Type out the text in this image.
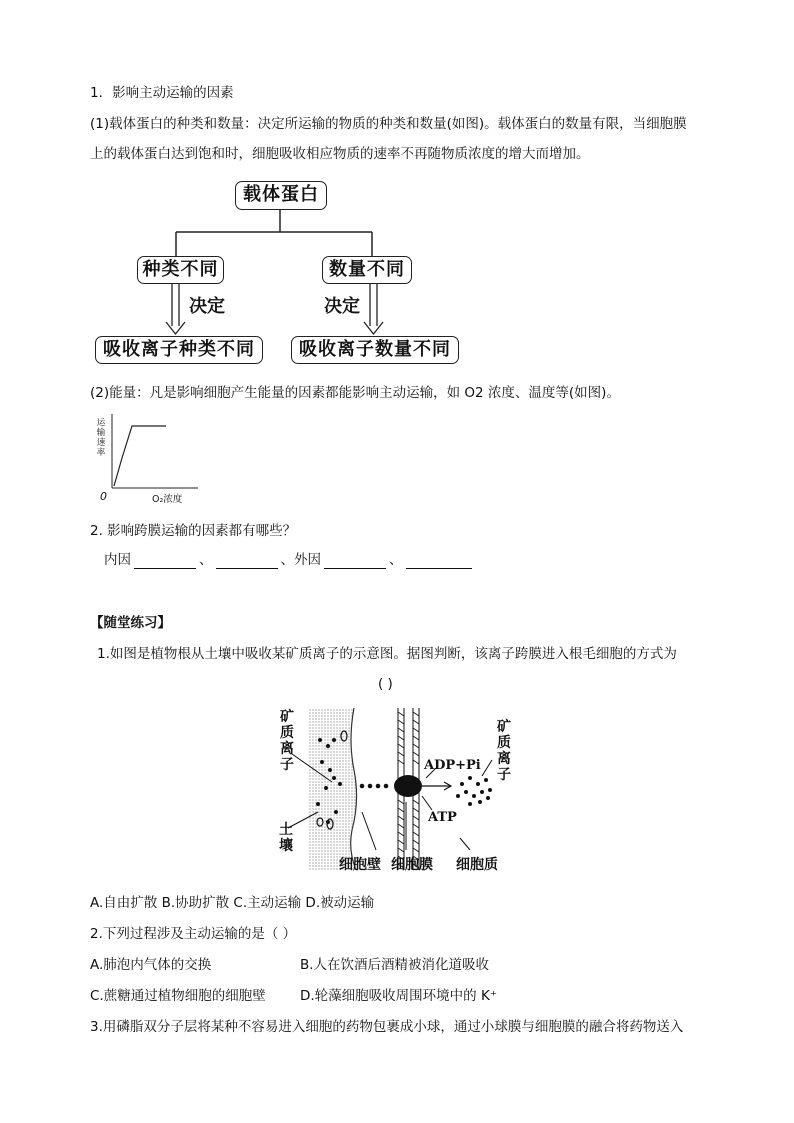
1．影响主动运输的因素
(1)载体蛋白的种类和数量：决定所运输的物质的种类和数量(如图)。载体蛋白的数量有限，当细胞膜
上的载体蛋白达到饱和时，细胞吸收相应物质的速率不再随物质浓度的增大而增加。
载体蛋白
种类不同	数量不同
决定	决定
吸收离子种类不同	吸收离子数量不同
(2)能量：凡是影响细胞产生能量的因素都能影响主动运输，如 O2 浓度、温度等(如图)。
运
输
速
率
0	O₂浓度
2. 影响跨膜运输的因素都有哪些？
内因	、	、外因	、
【随堂练习】
1.如图是植物根从土壤中吸收某矿质离子的示意图。据图判断，该离子跨膜进入根毛细胞的方式为
( )
矿
质
离
子
土
壤
矿
质
离
子
ADP+Pi
ATP
细胞壁 细胞膜 细胞质
A.自由扩散 B.协助扩散 C.主动运输 D.被动运输
2.下列过程涉及主动运输的是（ ）
A.肺泡内气体的交换	B.人在饮酒后酒精被消化道吸收
C.蔗糖通过植物细胞的细胞壁	D.轮藻细胞吸收周围环境中的 K⁺
3.用磷脂双分子层将某种不容易进入细胞的药物包裹成小球，通过小球膜与细胞膜的融合将药物送入
